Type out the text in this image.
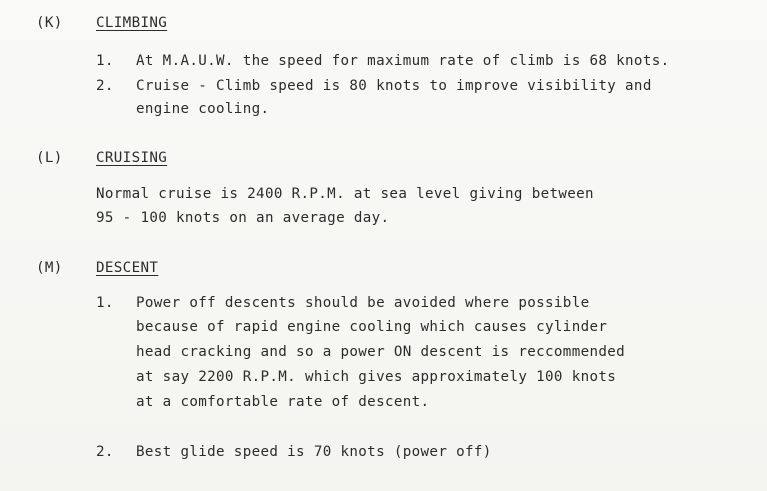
(K) CLIMBING
1. At M.A.U.W. the speed for maximum rate of climb is 68 knots.
2. Cruise - Climb speed is 80 knots to improve visibility and
engine cooling.
(L) CRUISING
Normal cruise is 2400 R.P.M. at sea level giving between
95 - 100 knots on an average day.
(M) DESCENT
1. Power off descents should be avoided where possible
because of rapid engine cooling which causes cylinder
head cracking and so a power ON descent is reccommended
at say 2200 R.P.M. which gives approximately 100 knots
at a comfortable rate of descent.
2. Best glide speed is 70 knots (power off)
